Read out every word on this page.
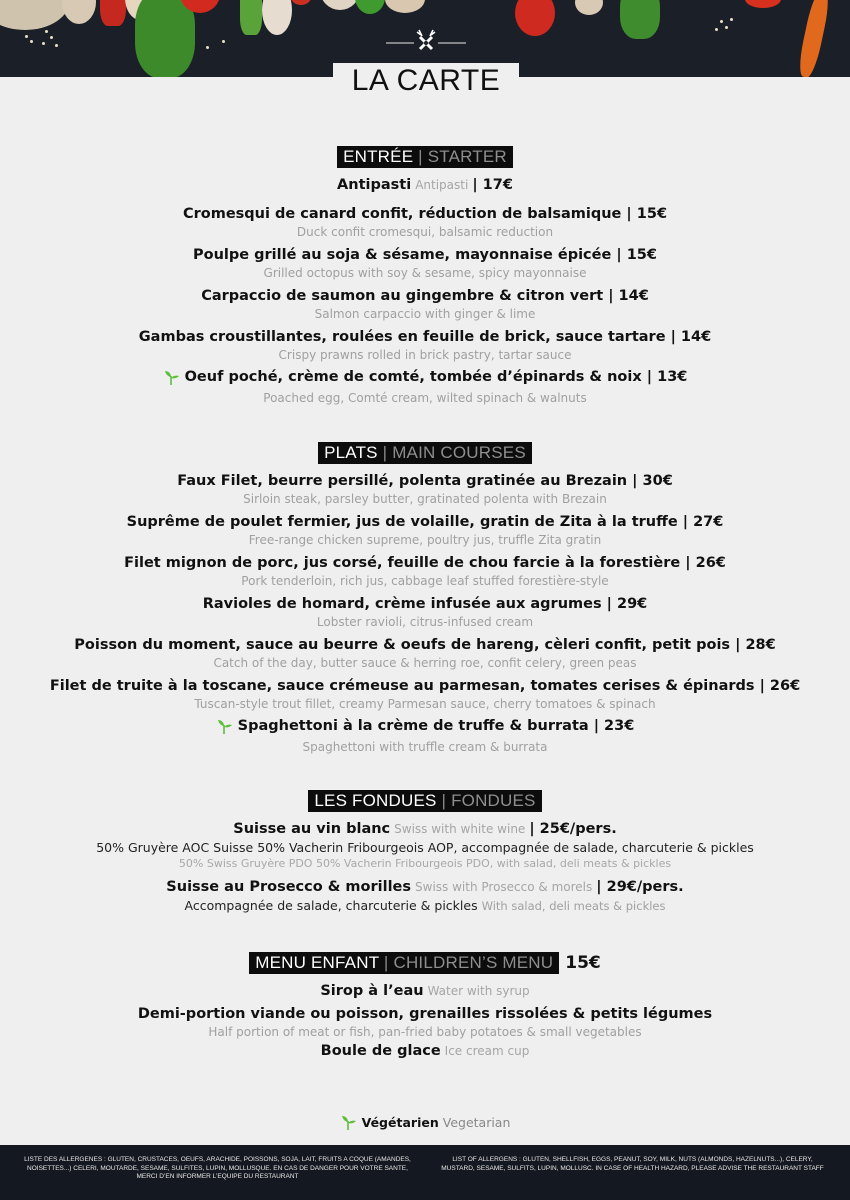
LA CARTE
ENTRÉE | STARTER
Antipasti Antipasti | 17€
Cromesqui de canard confit, réduction de balsamique | 15€
Duck confit cromesqui, balsamic reduction
Poulpe grillé au soja & sésame, mayonnaise épicée | 15€
Grilled octopus with soy & sesame, spicy mayonnaise
Carpaccio de saumon au gingembre & citron vert | 14€
Salmon carpaccio with ginger & lime
Gambas croustillantes, roulées en feuille de brick, sauce tartare | 14€
Crispy prawns rolled in brick pastry, tartar sauce
Oeuf poché, crème de comté, tombée d’épinards & noix | 13€
Poached egg, Comté cream, wilted spinach & walnuts
PLATS | MAIN COURSES
Faux Filet, beurre persillé, polenta gratinée au Brezain | 30€
Sirloin steak, parsley butter, gratinated polenta with Brezain
Suprême de poulet fermier, jus de volaille, gratin de Zita à la truffe | 27€
Free-range chicken supreme, poultry jus, truffle Zita gratin
Filet mignon de porc, jus corsé, feuille de chou farcie à la forestière | 26€
Pork tenderloin, rich jus, cabbage leaf stuffed forestière-style
Ravioles de homard, crème infusée aux agrumes | 29€
Lobster ravioli, citrus-infused cream
Poisson du moment, sauce au beurre & oeufs de hareng, cèleri confit, petit pois | 28€
Catch of the day, butter sauce & herring roe, confit celery, green peas
Filet de truite à la toscane, sauce crémeuse au parmesan, tomates cerises & épinards | 26€
Tuscan-style trout fillet, creamy Parmesan sauce, cherry tomatoes & spinach
Spaghettoni à la crème de truffe & burrata | 23€
Spaghettoni with truffle cream & burrata
LES FONDUES | FONDUES
Suisse au vin blanc Swiss with white wine | 25€/pers.
50% Gruyère AOC Suisse 50% Vacherin Fribourgeois AOP, accompagnée de salade, charcuterie & pickles
50% Swiss Gruyère PDO 50% Vacherin Fribourgeois PDO, with salad, deli meats & pickles
Suisse au Prosecco & morilles Swiss with Prosecco & morels | 29€/pers.
Accompagnée de salade, charcuterie & pickles With salad, deli meats & pickles
MENU ENFANT | CHILDREN’S MENU 15€
Sirop à l’eau Water with syrup
Demi-portion viande ou poisson, grenailles rissolées & petits légumes
Half portion of meat or fish, pan-fried baby potatoes & small vegetables
Boule de glace Ice cream cup
Végétarien Vegetarian
LISTE DES ALLERGENES : GLUTEN, CRUSTACES, OEUFS, ARACHIDE, POISSONS, SOJA, LAIT, FRUITS A COQUE (AMANDES, NOISETTES...) CELERI, MOUTARDE, SESAME, SULFITES, LUPIN, MOLLUSQUE. EN CAS DE DANGER POUR VOTRE SANTE, MERCI D’EN INFORMER L’EQUIPE DU RESTAURANT
LIST OF ALLERGENS : GLUTEN, SHELLFISH, EGGS, PEANUT, SOY, MILK, NUTS (ALMONDS, HAZELNUTS...), CELERY, MUSTARD, SESAME, SULFITS, LUPIN, MOLLUSC. IN CASE OF HEALTH HAZARD, PLEASE ADVISE THE RESTAURANT STAFF
